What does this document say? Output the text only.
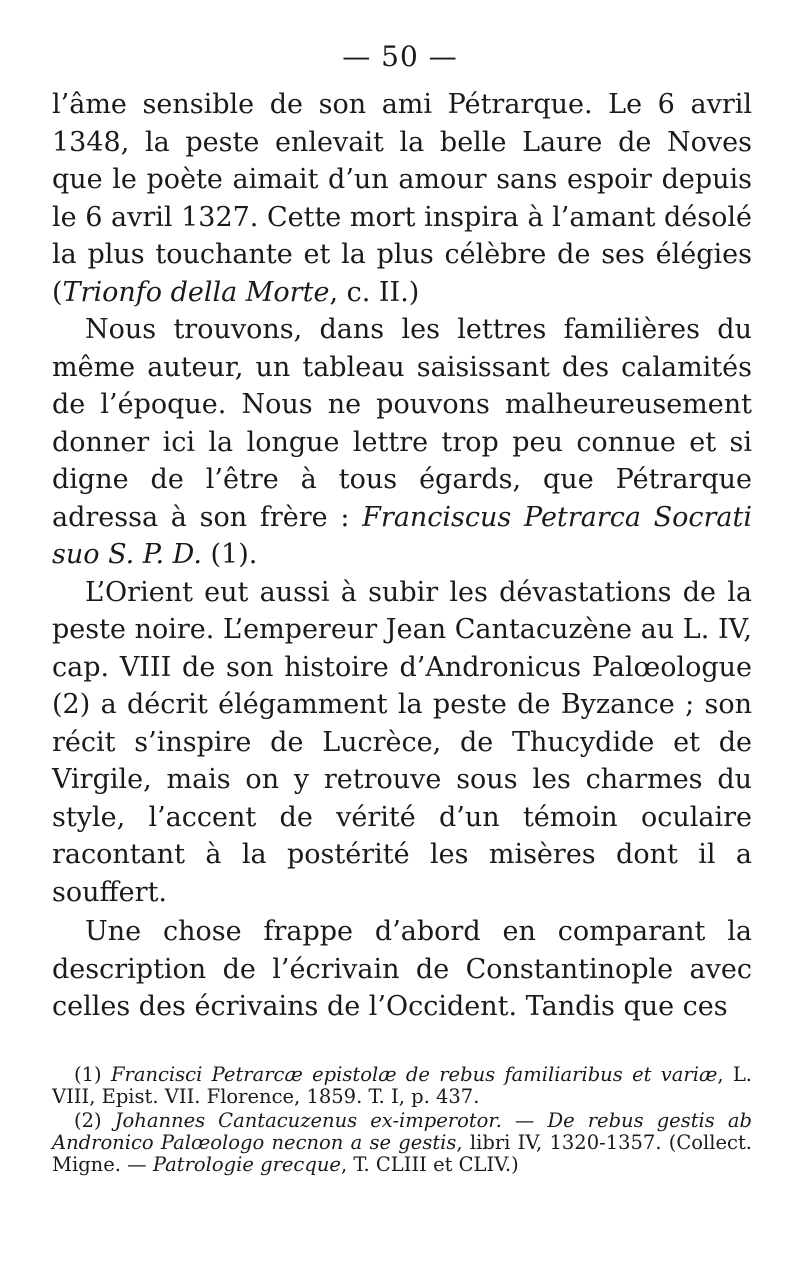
— 50 —

l’âme sensible de son ami Pétrarque. Le 6 avril 1348, la peste enlevait la belle Laure de Noves que le poète aimait d’un amour sans espoir depuis le 6 avril 1327. Cette mort inspira à l’amant désolé la plus touchante et la plus célèbre de ses élégies (Trionfo della Morte, c. II.)

Nous trouvons, dans les lettres familières du même auteur, un tableau saisissant des calamités de l’époque. Nous ne pouvons malheureusement donner ici la longue lettre trop peu connue et si digne de l’être à tous égards, que Pétrarque adressa à son frère : Franciscus Petrarca Socrati suo S. P. D. (1).

L’Orient eut aussi à subir les dévastations de la peste noire. L’empereur Jean Cantacuzène au L. IV, cap. VIII de son histoire d’Andronicus Palœologue (2) a décrit élégamment la peste de Byzance ; son récit s’inspire de Lucrèce, de Thucydide et de Virgile, mais on y retrouve sous les charmes du style, l’accent de vérité d’un témoin oculaire racontant à la postérité les misères dont il a souffert.

Une chose frappe d’abord en comparant la description de l’écrivain de Constantinople avec celles des écrivains de l’Occident. Tandis que ces

(1) Francisci Petrarcæ epistolæ de rebus familiaribus et variæ, L. VIII, Epist. VII. Florence, 1859. T. I, p. 437.

(2) Johannes Cantacuzenus ex-imperotor. — De rebus gestis ab Andronico Palœologo necnon a se gestis, libri IV, 1320-1357. (Collect. Migne. — Patrologie grecque, T. CLIII et CLIV.)
